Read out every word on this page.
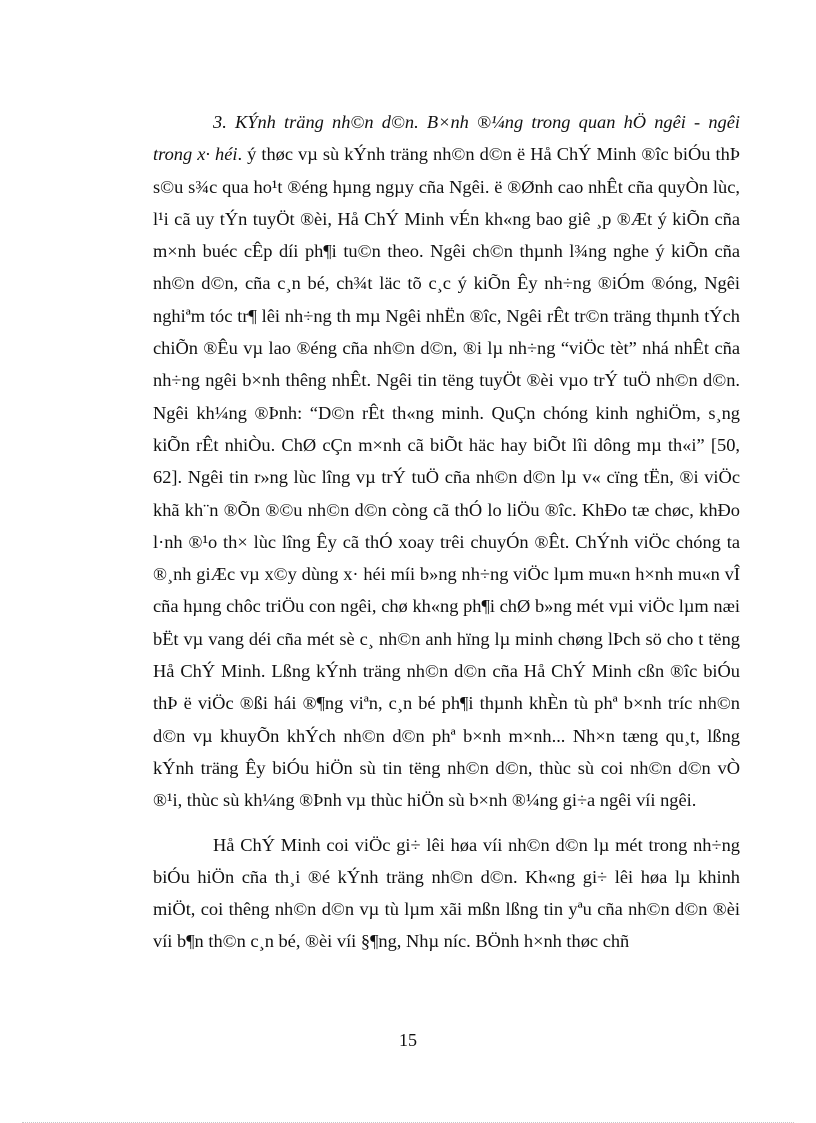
3. KÝnh träng nh©n d©n. B×nh ®¼ng trong quan hÖ ngêi - ngêi trong x· héi. ý thøc vµ sù kÝnh träng nh©n d©n ë Hå ChÝ Minh ®îc biÓu thÞ s©u s¾c qua ho¹t ®éng hµng ngµy cña Ngêi. ë ®Ønh cao nhÊt cña quyÒn lùc, l¹i cã uy tÝn tuyÖt ®èi, Hå ChÝ Minh vÉn kh«ng bao giê ¸p ®Æt ý kiÕn cña m×nh buéc cÊp díi ph¶i tu©n theo. Ngêi ch©n thµnh l¾ng nghe ý kiÕn cña nh©n d©n, cña c¸n bé, ch¾t läc tõ c¸c ý kiÕn Êy nh÷ng ®iÓm ®óng, Ngêi nghiªm tóc tr¶ lêi nh÷ng th mµ Ngêi nhËn ®îc, Ngêi rÊt tr©n träng thµnh tÝch chiÕn ®Êu vµ lao ®éng cña nh©n d©n, ®i lµ nh÷ng “viÖc tèt” nhá nhÊt cña nh÷ng ngêi b×nh thêng nhÊt. Ngêi tin tëng tuyÖt ®èi vµo trÝ tuÖ nh©n d©n. Ngêi kh¼ng ®Þnh: “D©n rÊt th«ng minh. QuÇn chóng kinh nghiÖm, s¸ng kiÕn rÊt nhiÒu. ChØ cÇn m×nh cã biÕt häc hay biÕt lîi dông mµ th«i” [50, 62]. Ngêi tin r»ng lùc lîng vµ trÝ tuÖ cña nh©n d©n lµ v« cïng tËn, ®i viÖc khã kh¨n ®Õn ®©u nh©n d©n còng cã thÓ lo liÖu ®îc. KhÐo tæ chøc, khÐo l·nh ®¹o th× lùc lîng Êy cã thÓ xoay trêi chuyÓn ®Êt. ChÝnh viÖc chóng ta ®¸nh giÆc vµ x©y dùng x· héi míi b»ng nh÷ng viÖc lµm mu«n h×nh mu«n vÎ cña hµng chôc triÖu con ngêi, chø kh«ng ph¶i chØ b»ng mét vµi viÖc lµm næi bËt vµ vang déi cña mét sè c¸ nh©n anh hïng lµ minh chøng lÞch sö cho t tëng Hå ChÝ Minh. Lßng kÝnh träng nh©n d©n cña Hå ChÝ Minh cßn ®îc biÓu thÞ ë viÖc ®ßi hái ®¶ng viªn, c¸n bé ph¶i thµnh khÈn tù phª b×nh tríc nh©n d©n vµ khuyÕn khÝch nh©n d©n phª b×nh m×nh... Nh×n tæng qu¸t, lßng kÝnh träng Êy biÓu hiÖn sù tin tëng nh©n d©n, thùc sù coi nh©n d©n vÒ ®¹i, thùc sù kh¼ng ®Þnh vµ thùc hiÖn sù b×nh ®¼ng gi÷a ngêi víi ngêi.

Hå ChÝ Minh coi viÖc gi÷ lêi høa víi nh©n d©n lµ mét trong nh÷ng biÓu hiÖn cña th¸i ®é kÝnh träng nh©n d©n. Kh«ng gi÷ lêi høa lµ khinh miÖt, coi thêng nh©n d©n vµ tù lµm xãi mßn lßng tin yªu cña nh©n d©n ®èi víi b¶n th©n c¸n bé, ®èi víi §¶ng, Nhµ níc. BÖnh h×nh thøc chñ

15
